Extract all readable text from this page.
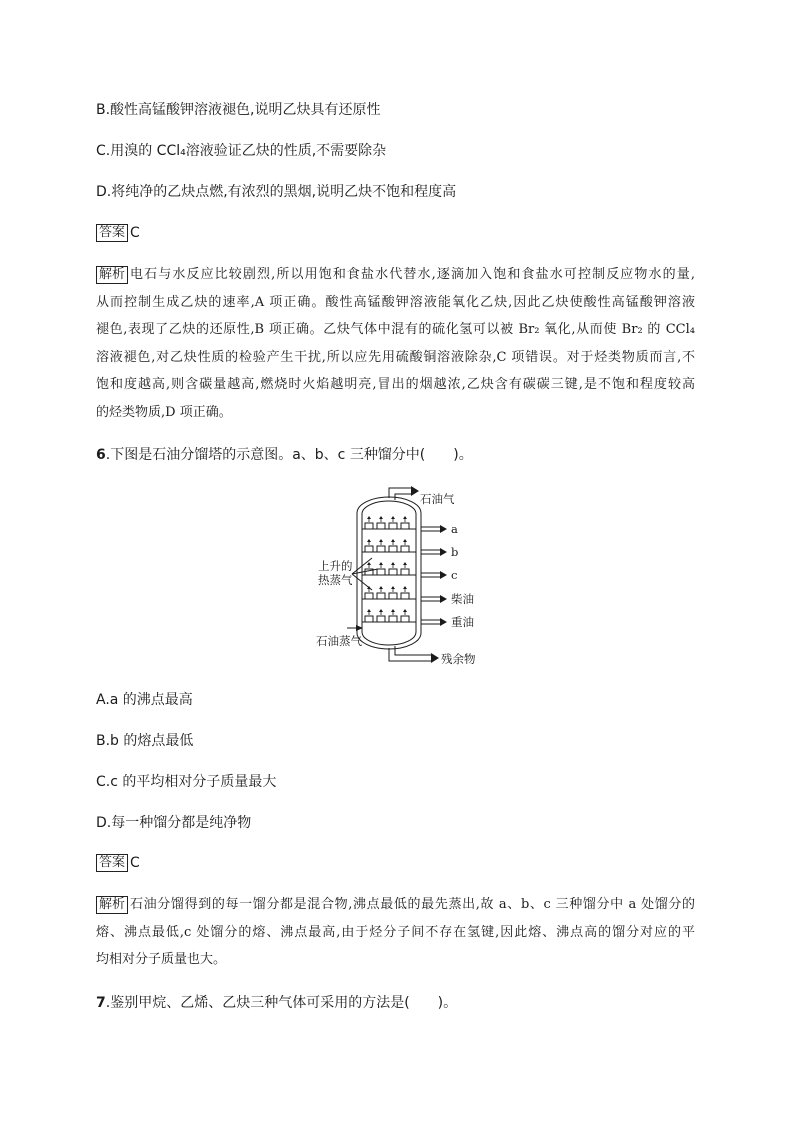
B.酸性高锰酸钾溶液褪色,说明乙炔具有还原性
C.用溴的 CCl₄溶液验证乙炔的性质,不需要除杂
D.将纯净的乙炔点燃,有浓烈的黑烟,说明乙炔不饱和程度高
答案 C
解析 电石与水反应比较剧烈,所以用饱和食盐水代替水,逐滴加入饱和食盐水可控制反应物水的量,
从而控制生成乙炔的速率,A 项正确。酸性高锰酸钾溶液能氧化乙炔,因此乙炔使酸性高锰酸钾溶液
褪色,表现了乙炔的还原性,B 项正确。乙炔气体中混有的硫化氢可以被 Br₂ 氧化,从而使 Br₂ 的 CCl₄
溶液褪色,对乙炔性质的检验产生干扰,所以应先用硫酸铜溶液除杂,C 项错误。对于烃类物质而言,不
饱和度越高,则含碳量越高,燃烧时火焰越明亮,冒出的烟越浓,乙炔含有碳碳三键,是不饱和程度较高
的烃类物质,D 项正确。
6.下图是石油分馏塔的示意图。a、b、c 三种馏分中(　　)。
石油气
a
b
c
柴油
重油
残余物
上升的
热蒸气
石油蒸气
A.a 的沸点最高
B.b 的熔点最低
C.c 的平均相对分子质量最大
D.每一种馏分都是纯净物
答案 C
解析 石油分馏得到的每一馏分都是混合物,沸点最低的最先蒸出,故 a、b、c 三种馏分中 a 处馏分的
熔、沸点最低,c 处馏分的熔、沸点最高,由于烃分子间不存在氢键,因此熔、沸点高的馏分对应的平
均相对分子质量也大。
7.鉴别甲烷、乙烯、乙炔三种气体可采用的方法是(　　)。
